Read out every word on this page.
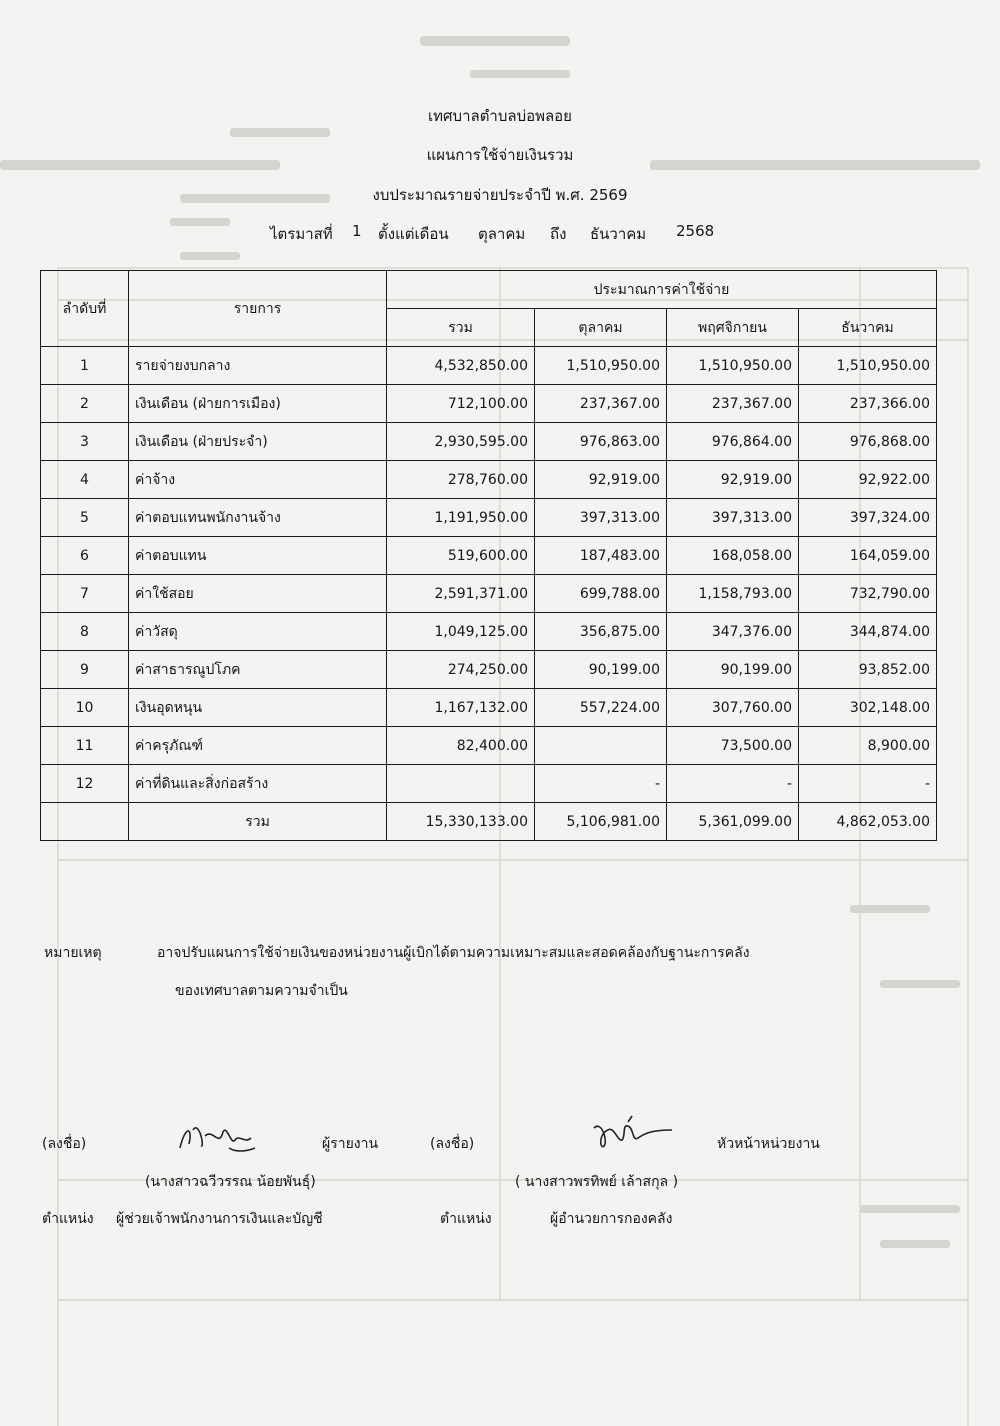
เทศบาลตำบลบ่อพลอย
แผนการใช้จ่ายเงินรวม
งบประมาณรายจ่ายประจำปี พ.ศ. 2569
ไตรมาสที่ 1 ตั้งแต่เดือน ตุลาคม ถึง ธันวาคม 2568
ลำดับที่	รายการ	ประมาณการค่าใช้จ่าย			
		รวม	ตุลาคม	พฤศจิกายน	ธันวาคม
1	รายจ่ายงบกลาง	4,532,850.00	1,510,950.00	1,510,950.00	1,510,950.00
2	เงินเดือน (ฝ่ายการเมือง)	712,100.00	237,367.00	237,367.00	237,366.00
3	เงินเดือน (ฝ่ายประจำ)	2,930,595.00	976,863.00	976,864.00	976,868.00
4	ค่าจ้าง	278,760.00	92,919.00	92,919.00	92,922.00
5	ค่าตอบแทนพนักงานจ้าง	1,191,950.00	397,313.00	397,313.00	397,324.00
6	ค่าตอบแทน	519,600.00	187,483.00	168,058.00	164,059.00
7	ค่าใช้สอย	2,591,371.00	699,788.00	1,158,793.00	732,790.00
8	ค่าวัสดุ	1,049,125.00	356,875.00	347,376.00	344,874.00
9	ค่าสาธารณูปโภค	274,250.00	90,199.00	90,199.00	93,852.00
10	เงินอุดหนุน	1,167,132.00	557,224.00	307,760.00	302,148.00
11	ค่าครุภัณฑ์	82,400.00		73,500.00	8,900.00
12	ค่าที่ดินและสิ่งก่อสร้าง		-	-	-
	รวม	15,330,133.00	5,106,981.00	5,361,099.00	4,862,053.00
หมายเหตุ	อาจปรับแผนการใช้จ่ายเงินของหน่วยงานผู้เบิกได้ตามความเหมาะสมและสอดคล้องกับฐานะการคลัง
ของเทศบาลตามความจำเป็น
(ลงชื่อ)	ผู้รายงาน	(ลงชื่อ)	หัวหน้าหน่วยงาน
(นางสาวฉวีวรรณ น้อยพันธุ์)	( นางสาวพรทิพย์ เล้าสกุล )
ตำแหน่ง ผู้ช่วยเจ้าพนักงานการเงินและบัญชี	ตำแหน่ง	ผู้อำนวยการกองคลัง
